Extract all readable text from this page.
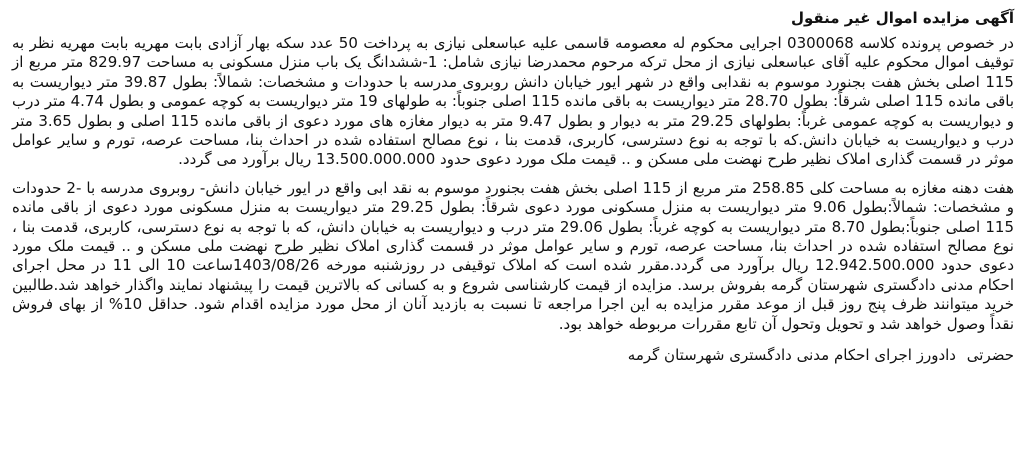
آگهی مزایده اموال غیر منقول

در خصوص پرونده کلاسه 0300068 اجرایی محکوم له معصومه قاسمی علیه عباسعلی نیازی به پرداخت 50 عدد سکه بهار آزادی بابت مهریه بابت مهریه نظر به توقیف اموال محکوم علیه آقای عباسعلی نیازی از محل ترکه مرحوم محمدرضا نیازی شامل: 1-ششدانگ یک باب منزل مسکونی به مساحت 829.97 متر مربع از 115 اصلی بخش هفت بجنورد موسوم به نقدابی واقع در شهر ایور خیابان دانش روبروی مدرسه با حدودات و مشخصات: شمالاً: بطول 39.87 متر دیواریست به باقی مانده 115 اصلی شرقاً: بطول 28.70 متر دیواریست به باقی مانده 115 اصلی جنوباً: به طولهای 19 متر دیواریست به کوچه عمومی و بطول 4.74 متر درب و دیواریست به کوچه عمومی غرباً: بطولهای 29.25 متر به دیوار و بطول 9.47 متر به دیوار مغازه های مورد دعوی از باقی مانده 115 اصلی و بطول 3.65 متر درب و دیواریست به خیابان دانش.که با توجه به نوع دسترسی، کاربری، قدمت بنا ، نوع مصالح استفاده شده در احداث بنا، مساحت عرصه، تورم و سایر عوامل موثر در قسمت گذاری املاک نظیر طرح نهضت ملی مسکن و .. قیمت ملک مورد دعوی حدود 13.500.000.000 ریال برآورد می گردد.

هفت دهنه مغازه به مساحت کلی 258.85 متر مربع از 115 اصلی بخش هفت بجنورد موسوم به نقد ابی واقع در ایور خیابان دانش- روبروی مدرسه با -2 حدودات و مشخصات: شمالاً:بطول 9.06 متر دیواریست به منزل مسکونی مورد دعوی شرقاً: بطول 29.25 متر دیواریست به منزل مسکونی مورد دعوی از باقی مانده 115 اصلی جنوباً:بطول 8.70 متر دیواریست به کوچه غرباً: بطول 29.06 متر درب و دیواریست به خیابان دانش، که با توجه به نوع دسترسی، کاربری، قدمت بنا ، نوع مصالح استفاده شده در احداث بنا، مساحت عرصه، تورم و سایر عوامل موثر در قسمت گذاری املاک نظیر طرح نهضت ملی مسکن و .. قیمت ملک مورد دعوی حدود 12.942.500.000 ریال برآورد می گردد.مقرر شده است که املاک توقیفی در روزشنبه مورخه 1403/08/26ساعت 10 الی 11 در محل اجرای احکام مدنی دادگستری شهرستان گرمه بفروش برسد. مزایده از قیمت کارشناسی شروع و به کسانی که بالاترین قیمت را پیشنهاد نمایند واگذار خواهد شد.طالبین خرید میتوانند ظرف پنج روز قبل از موعد مقرر مزایده به این اجرا مراجعه تا نسبت به بازدید آنان از محل مورد مزایده اقدام شود. حداقل 10% از بهای فروش نقداً وصول خواهد شد و تحویل وتحول آن تابع مقررات مربوطه خواهد بود.

حضرتی دادورز اجرای احکام مدنی دادگستری شهرستان گرمه
